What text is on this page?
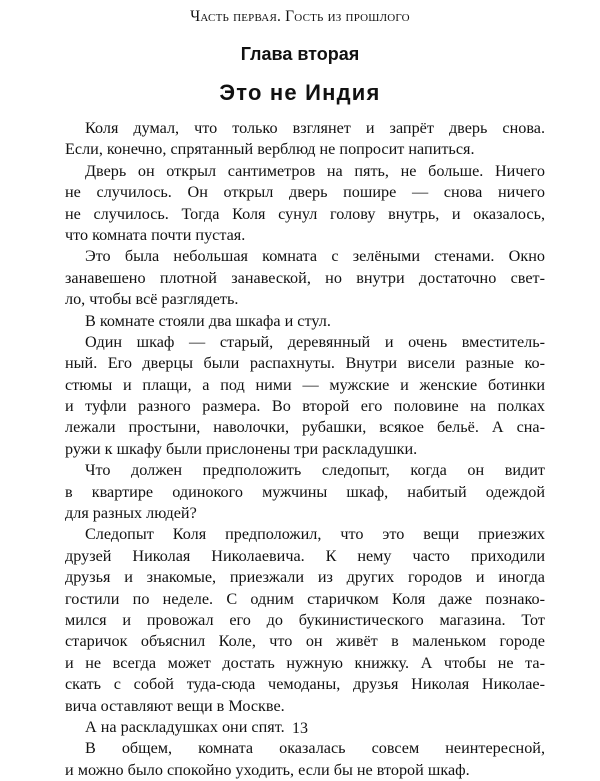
Часть первая. Гость из прошлого
Глава вторая
Это не Индия
Коля думал, что только взглянет и запрёт дверь снова.
Если, конечно, спрятанный верблюд не попросит напиться.
Дверь он открыл сантиметров на пять, не больше. Ничего
не случилось. Он открыл дверь пошире — снова ничего
не случилось. Тогда Коля сунул голову внутрь, и оказалось,
что комната почти пустая.
Это была небольшая комната с зелёными стенами. Окно
занавешено плотной занавеской, но внутри достаточно свет-
ло, чтобы всё разглядеть.
В комнате стояли два шкафа и стул.
Один шкаф — старый, деревянный и очень вместитель-
ный. Его дверцы были распахнуты. Внутри висели разные ко-
стюмы и плащи, а под ними — мужские и женские ботинки
и туфли разного размера. Во второй его половине на полках
лежали простыни, наволочки, рубашки, всякое бельё. А сна-
ружи к шкафу были прислонены три раскладушки.
Что должен предположить следопыт, когда он видит
в квартире одинокого мужчины шкаф, набитый одеждой
для разных людей?
Следопыт Коля предположил, что это вещи приезжих
друзей Николая Николаевича. К нему часто приходили
друзья и знакомые, приезжали из других городов и иногда
гостили по неделе. С одним старичком Коля даже познако-
мился и провожал его до букинистического магазина. Тот
старичок объяснил Коле, что он живёт в маленьком городе
и не всегда может достать нужную книжку. А чтобы не та-
скать с собой туда-сюда чемоданы, друзья Николая Николае-
вича оставляют вещи в Москве.
А на раскладушках они спят.
В общем, комната оказалась совсем неинтересной,
и можно было спокойно уходить, если бы не второй шкаф.
13
